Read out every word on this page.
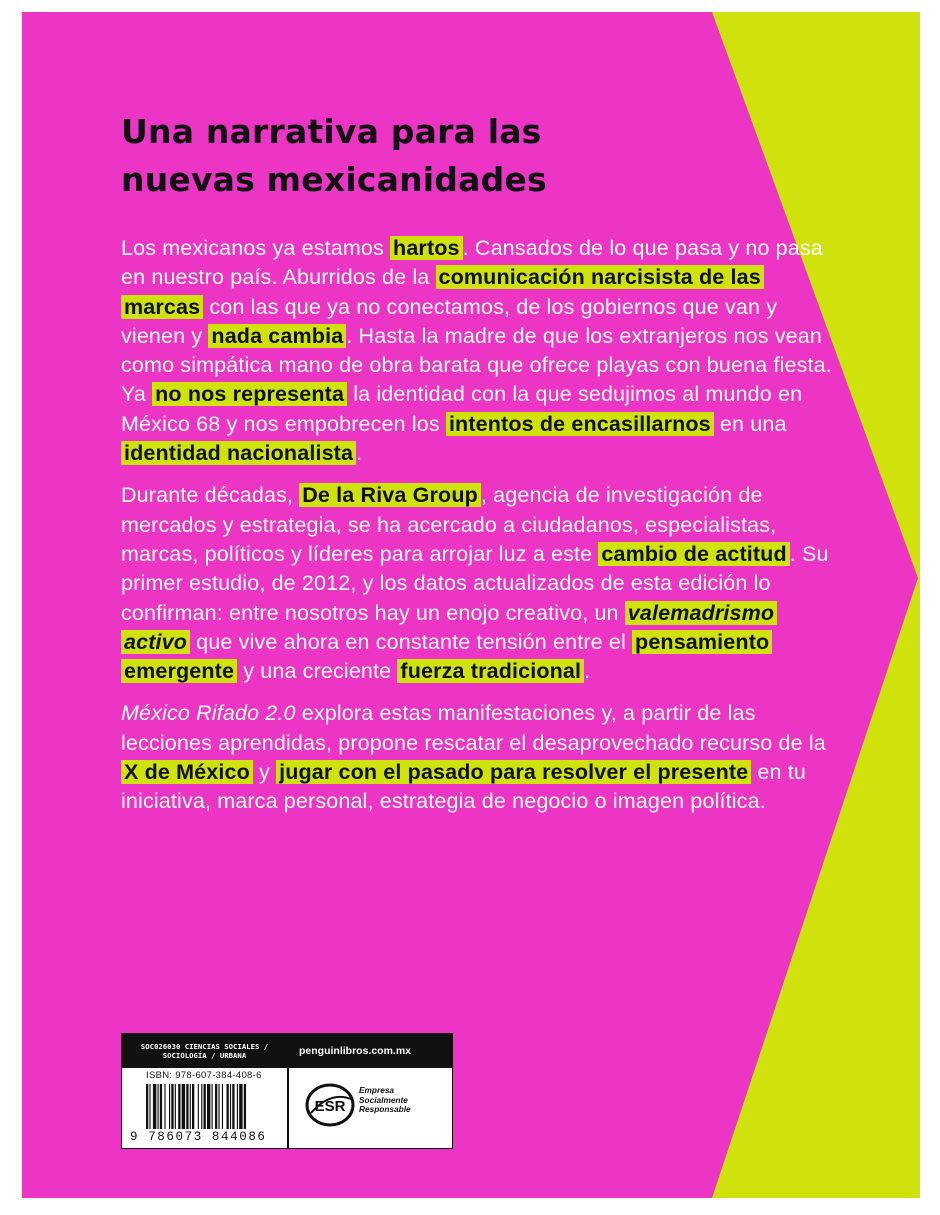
Una narrativa para las
nuevas mexicanidades

Los mexicanos ya estamos hartos . Cansados de lo que pasa y no pasa en nuestro país. Aburridos de la comunicación narcisista de las marcas con las que ya no conectamos, de los gobiernos que van y vienen y nada cambia . Hasta la madre de que los extranjeros nos vean como simpática mano de obra barata que ofrece playas con buena fiesta. Ya no nos representa la identidad con la que sedujimos al mundo en México 68 y nos empobrecen los intentos de encasillarnos en una identidad nacionalista .

Durante décadas, De la Riva Group , agencia de investigación de mercados y estrategia, se ha acercado a ciudadanos, especialistas, marcas, políticos y líderes para arrojar luz a este cambio de actitud . Su primer estudio, de 2012, y los datos actualizados de esta edición lo confirman: entre nosotros hay un enojo creativo, un valemadrismo activo que vive ahora en constante tensión entre el pensamiento emergente y una creciente fuerza tradicional .

México Rifado 2.0 explora estas manifestaciones y, a partir de las lecciones aprendidas, propone rescatar el desaprovechado recurso de la X de México y jugar con el pasado para resolver el presente en tu iniciativa, marca personal, estrategia de negocio o imagen política.

SOC026030 CIENCIAS SOCIALES /
SOCIOLOGÍA / URBANA
ISBN: 978-607-384-408-6
9 786073 844086
penguinlibros.com.mx
ESR
Empresa
Socialmente
Responsable
